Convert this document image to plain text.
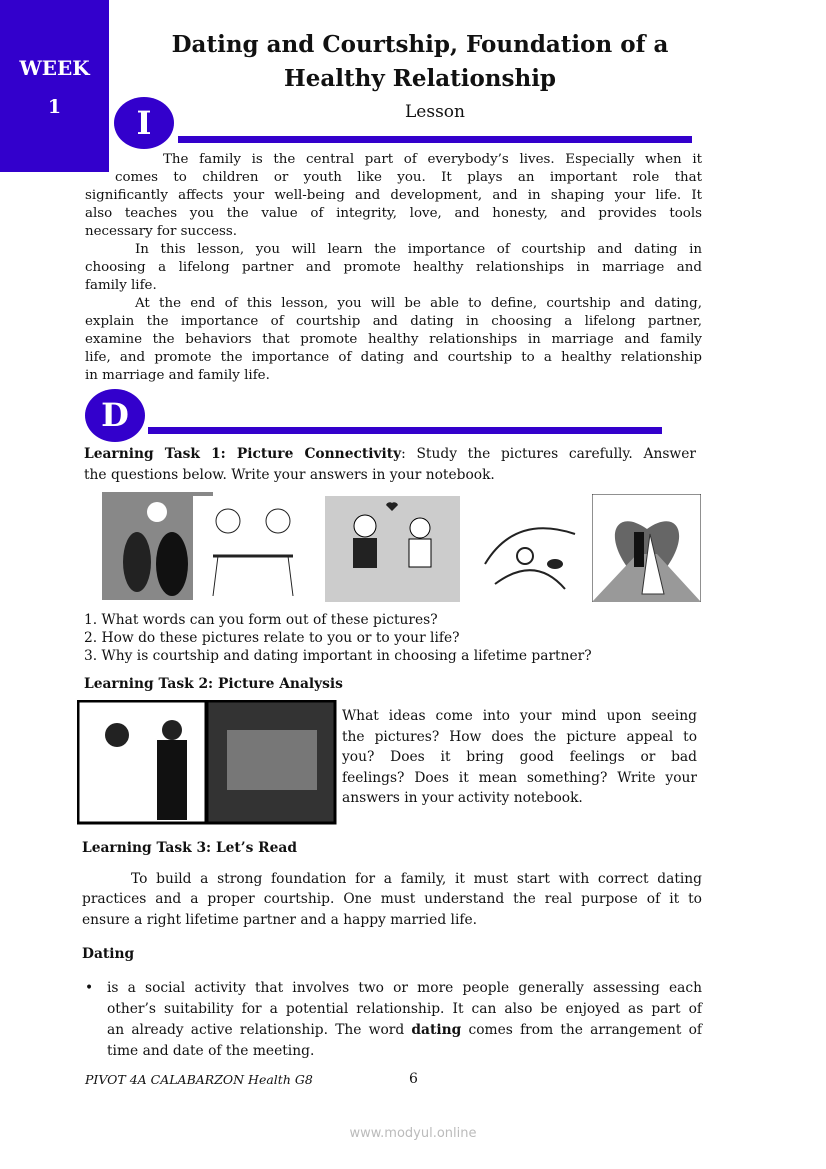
WEEK
1
Dating and Courtship, Foundation of a
Healthy Relationship
I	Lesson
The family is the central part of everybody’s lives. Especially when it
comes to children or youth like you. It plays an important role that
significantly affects your well-being and development, and in shaping your life. It
also teaches you the value of integrity, love, and honesty, and provides tools
necessary for success.
In this lesson, you will learn the importance of courtship and dating in
choosing a lifelong partner and promote healthy relationships in marriage and
family life.
At the end of this lesson, you will be able to define, courtship and dating,
explain the importance of courtship and dating in choosing a lifelong partner,
examine the behaviors that promote healthy relationships in marriage and family
life, and promote the importance of dating and courtship to a healthy relationship
in marriage and family life.
D
Learning Task 1: Picture Connectivity: Study the pictures carefully. Answer
the questions below. Write your answers in your notebook.
1. What words can you form out of these pictures?
2. How do these pictures relate to you or to your life?
3. Why is courtship and dating important in choosing a lifetime partner?
Learning Task 2: Picture Analysis
What ideas come into your mind upon seeing
the pictures? How does the picture appeal to
you? Does it bring good feelings or bad
feelings? Does it mean something? Write your
answers in your activity notebook.
Learning Task 3: Let’s Read
To build a strong foundation for a family, it must start with correct dating
practices and a proper courtship. One must understand the real purpose of it to
ensure a right lifetime partner and a happy married life.
Dating
• is a social activity that involves two or more people generally assessing each
other’s suitability for a potential relationship. It can also be enjoyed as part of
an already active relationship. The word dating comes from the arrangement of
time and date of the meeting.
PIVOT 4A CALABARZON Health G8	6
www.modyul.online
